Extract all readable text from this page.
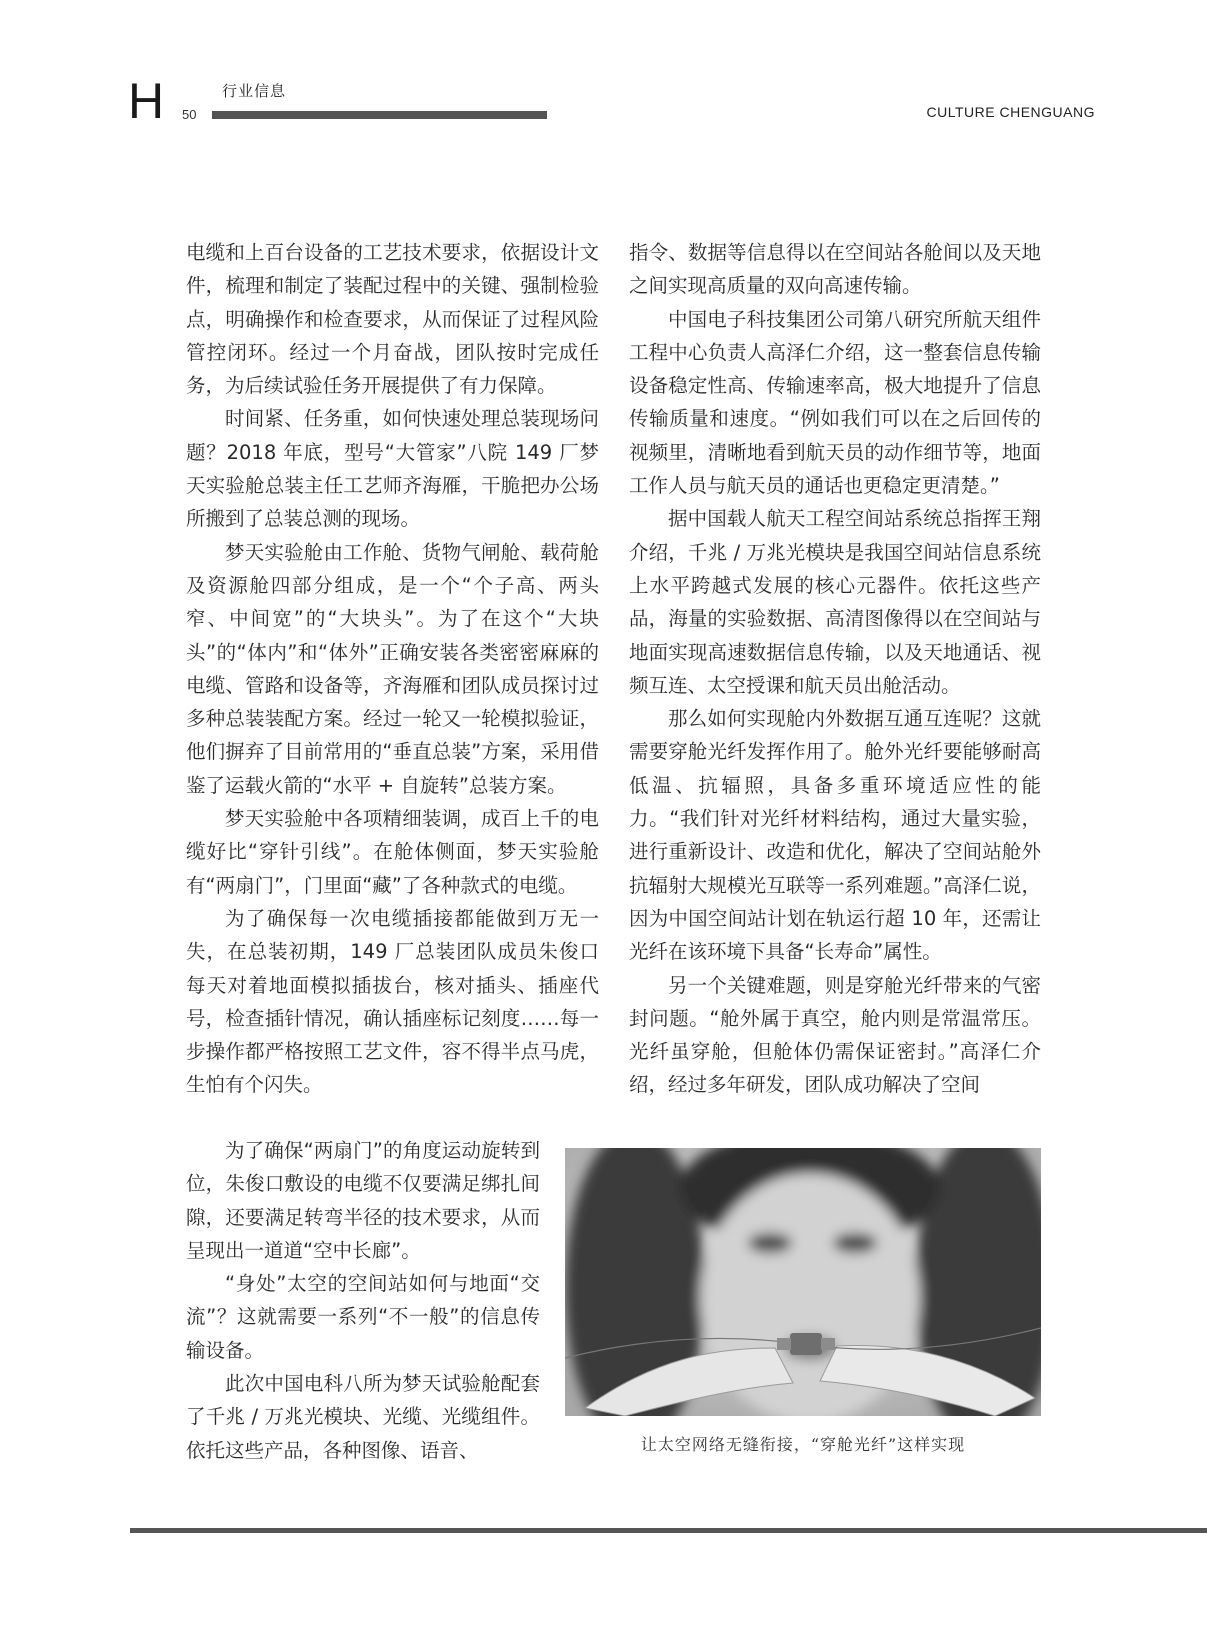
H	行业信息
50	CULTURE CHENGUANG

电缆和上百台设备的工艺技术要求，依据设计文件，梳理和制定了装配过程中的关键、强制检验点，明确操作和检查要求，从而保证了过程风险管控闭环。经过一个月奋战，团队按时完成任务，为后续试验任务开展提供了有力保障。

时间紧、任务重，如何快速处理总装现场问题？2018 年底，型号“大管家”八院 149 厂梦天实验舱总装主任工艺师齐海雁，干脆把办公场所搬到了总装总测的现场。

梦天实验舱由工作舱、货物气闸舱、载荷舱及资源舱四部分组成，是一个“个子高、两头窄、中间宽”的“大块头”。为了在这个“大块头”的“体内”和“体外”正确安装各类密密麻麻的电缆、管路和设备等，齐海雁和团队成员探讨过多种总装装配方案。经过一轮又一轮模拟验证，他们摒弃了目前常用的“垂直总装”方案，采用借鉴了运载火箭的“水平 + 自旋转”总装方案。

梦天实验舱中各项精细装调，成百上千的电缆好比“穿针引线”。在舱体侧面，梦天实验舱有“两扇门”，门里面“藏”了各种款式的电缆。

为了确保每一次电缆插接都能做到万无一失，在总装初期，149 厂总装团队成员朱俊口每天对着地面模拟插拔台，核对插头、插座代号，检查插针情况，确认插座标记刻度……每一步操作都严格按照工艺文件，容不得半点马虎，生怕有个闪失。

为了确保“两扇门”的角度运动旋转到位，朱俊口敷设的电缆不仅要满足绑扎间隙，还要满足转弯半径的技术要求，从而呈现出一道道“空中长廊”。

“身处”太空的空间站如何与地面“交流”？这就需要一系列“不一般”的信息传输设备。

此次中国电科八所为梦天试验舱配套了千兆 / 万兆光模块、光缆、光缆组件。依托这些产品，各种图像、语音、

指令、数据等信息得以在空间站各舱间以及天地之间实现高质量的双向高速传输。

中国电子科技集团公司第八研究所航天组件工程中心负责人高泽仁介绍，这一整套信息传输设备稳定性高、传输速率高，极大地提升了信息传输质量和速度。“例如我们可以在之后回传的视频里，清晰地看到航天员的动作细节等，地面工作人员与航天员的通话也更稳定更清楚。”

据中国载人航天工程空间站系统总指挥王翔介绍，千兆 / 万兆光模块是我国空间站信息系统上水平跨越式发展的核心元器件。依托这些产品，海量的实验数据、高清图像得以在空间站与地面实现高速数据信息传输，以及天地通话、视频互连、太空授课和航天员出舱活动。

那么如何实现舱内外数据互通互连呢？这就需要穿舱光纤发挥作用了。舱外光纤要能够耐高低温、抗辐照，具备多重环境适应性的能力。“我们针对光纤材料结构，通过大量实验，进行重新设计、改造和优化，解决了空间站舱外抗辐射大规模光互联等一系列难题。”高泽仁说，因为中国空间站计划在轨运行超 10 年，还需让光纤在该环境下具备“长寿命”属性。

另一个关键难题，则是穿舱光纤带来的气密封问题。“舱外属于真空，舱内则是常温常压。光纤虽穿舱，但舱体仍需保证密封。”高泽仁介绍，经过多年研发，团队成功解决了空间

让太空网络无缝衔接，“穿舱光纤”这样实现
